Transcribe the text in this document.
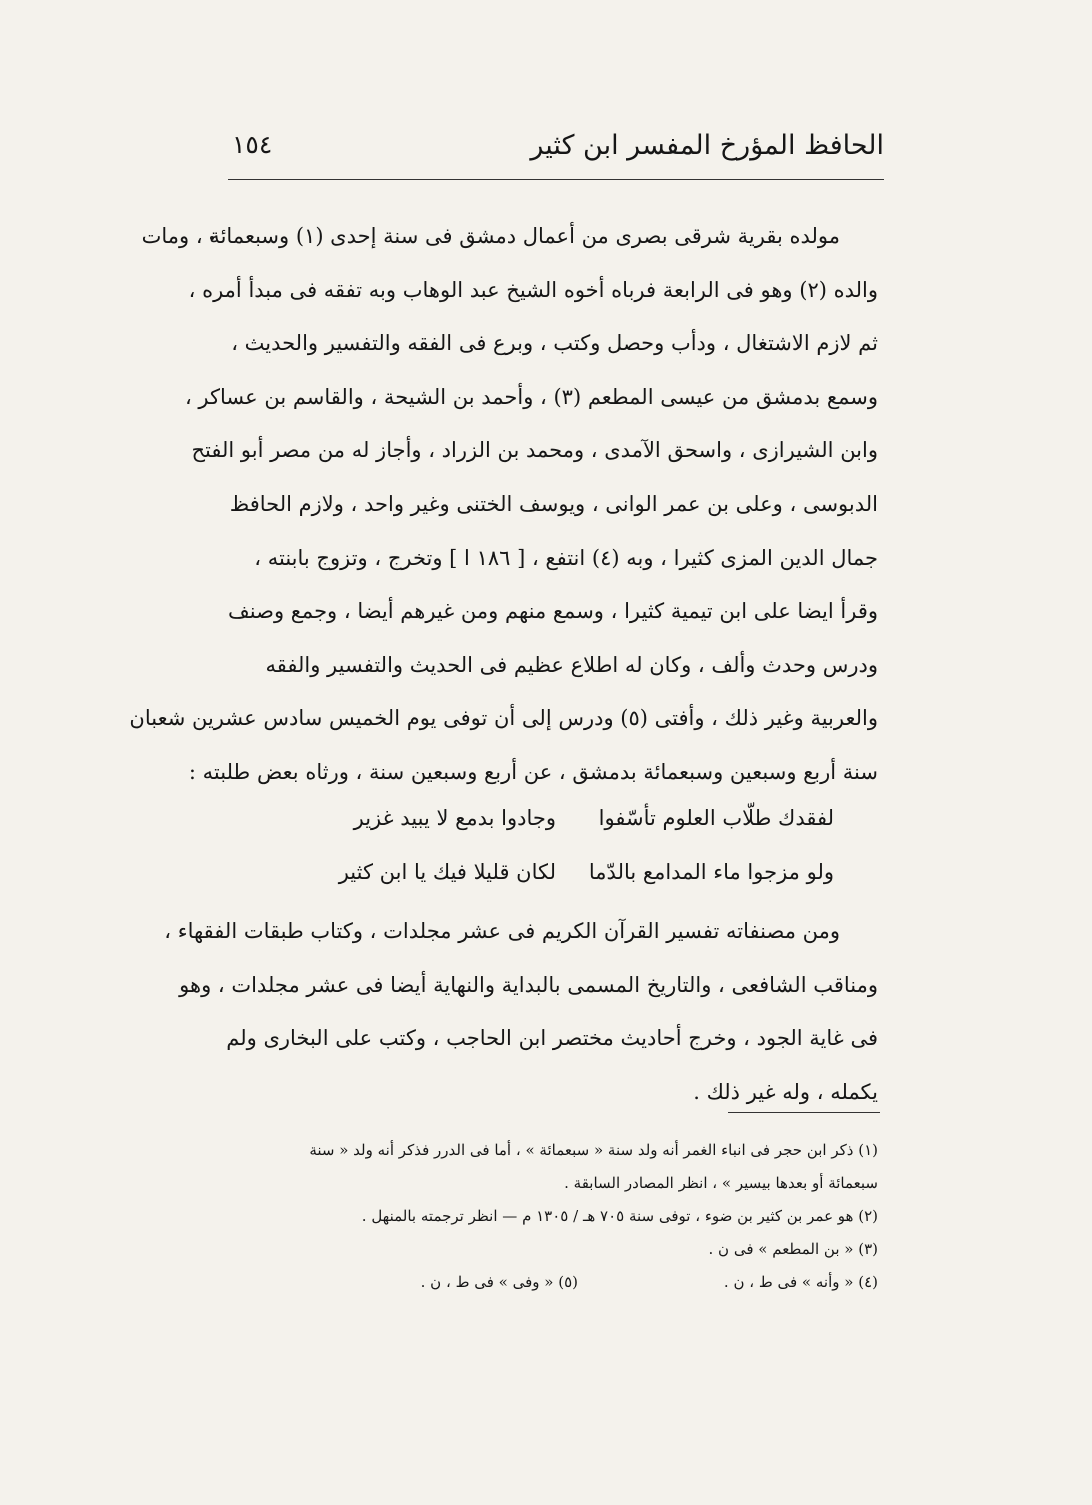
الحافظ المؤرخ المفسر ابن كثير
١٥٤
مولده بقرية شرقى بصرى من أعمال دمشق فى سنة إحدى (١) وسبعمائة ، ومات
والده (٢) وهو فى الرابعة فرباه أخوه الشيخ عبد الوهاب وبه تفقه فى مبدأ أمره ،
ثم لازم الاشتغال ، ودأب وحصل وكتب ، وبرع فى الفقه والتفسير والحديث ،
وسمع بدمشق من عيسى المطعم (٣) ، وأحمد بن الشيحة ، والقاسم بن عساكر ،
وابن الشيرازى ، واسحق الآمدى ، ومحمد بن الزراد ، وأجاز له من مصر أبو الفتح
الدبوسى ، وعلى بن عمر الوانى ، ويوسف الختنى وغير واحد ، ولازم الحافظ
جمال الدين المزى كثيرا ، وبه (٤) انتفع ، [ ١٨٦ ا ] وتخرج ، وتزوج بابنته ،
وقرأ ايضا على ابن تيمية كثيرا ، وسمع منهم ومن غيرهم أيضا ، وجمع وصنف
ودرس وحدث وألف ، وكان له اطلاع عظيم فى الحديث والتفسير والفقه
والعربية وغير ذلك ، وأفتى (٥) ودرس إلى أن توفى يوم الخميس سادس عشرين شعبان
سنة أربع وسبعين وسبعمائة بدمشق ، عن أربع وسبعين سنة ، ورثاه بعض طلبته :
لفقدك طلّاب العلوم تأسّفوا
وجادوا بدمع لا يبيد غزير
ولو مزجوا ماء المدامع بالدّما
لكان قليلا فيك يا ابن كثير
ومن مصنفاته تفسير القرآن الكريم فى عشر مجلدات ، وكتاب طبقات الفقهاء ،
ومناقب الشافعى ، والتاريخ المسمى بالبداية والنهاية أيضا فى عشر مجلدات ، وهو
فى غاية الجود ، وخرج أحاديث مختصر ابن الحاجب ، وكتب على البخارى ولم
يكمله ، وله غير ذلك .
(١) ذكر ابن حجر فى انباء الغمر أنه ولد سنة « سبعمائة » ، أما فى الدرر فذكر أنه ولد « سنة
سبعمائة أو بعدها بيسير » ، انظر المصادر السابقة .
(٢) هو عمر بن كثير بن ضوء ، توفى سنة ٧٠٥ هـ / ١٣٠٥ م — انظر ترجمته بالمنهل .
(٣) « بن المطعم » فى ن .
(٤) « وأنه » فى ط ، ن .
(٥) « وفى » فى ط ، ن .
